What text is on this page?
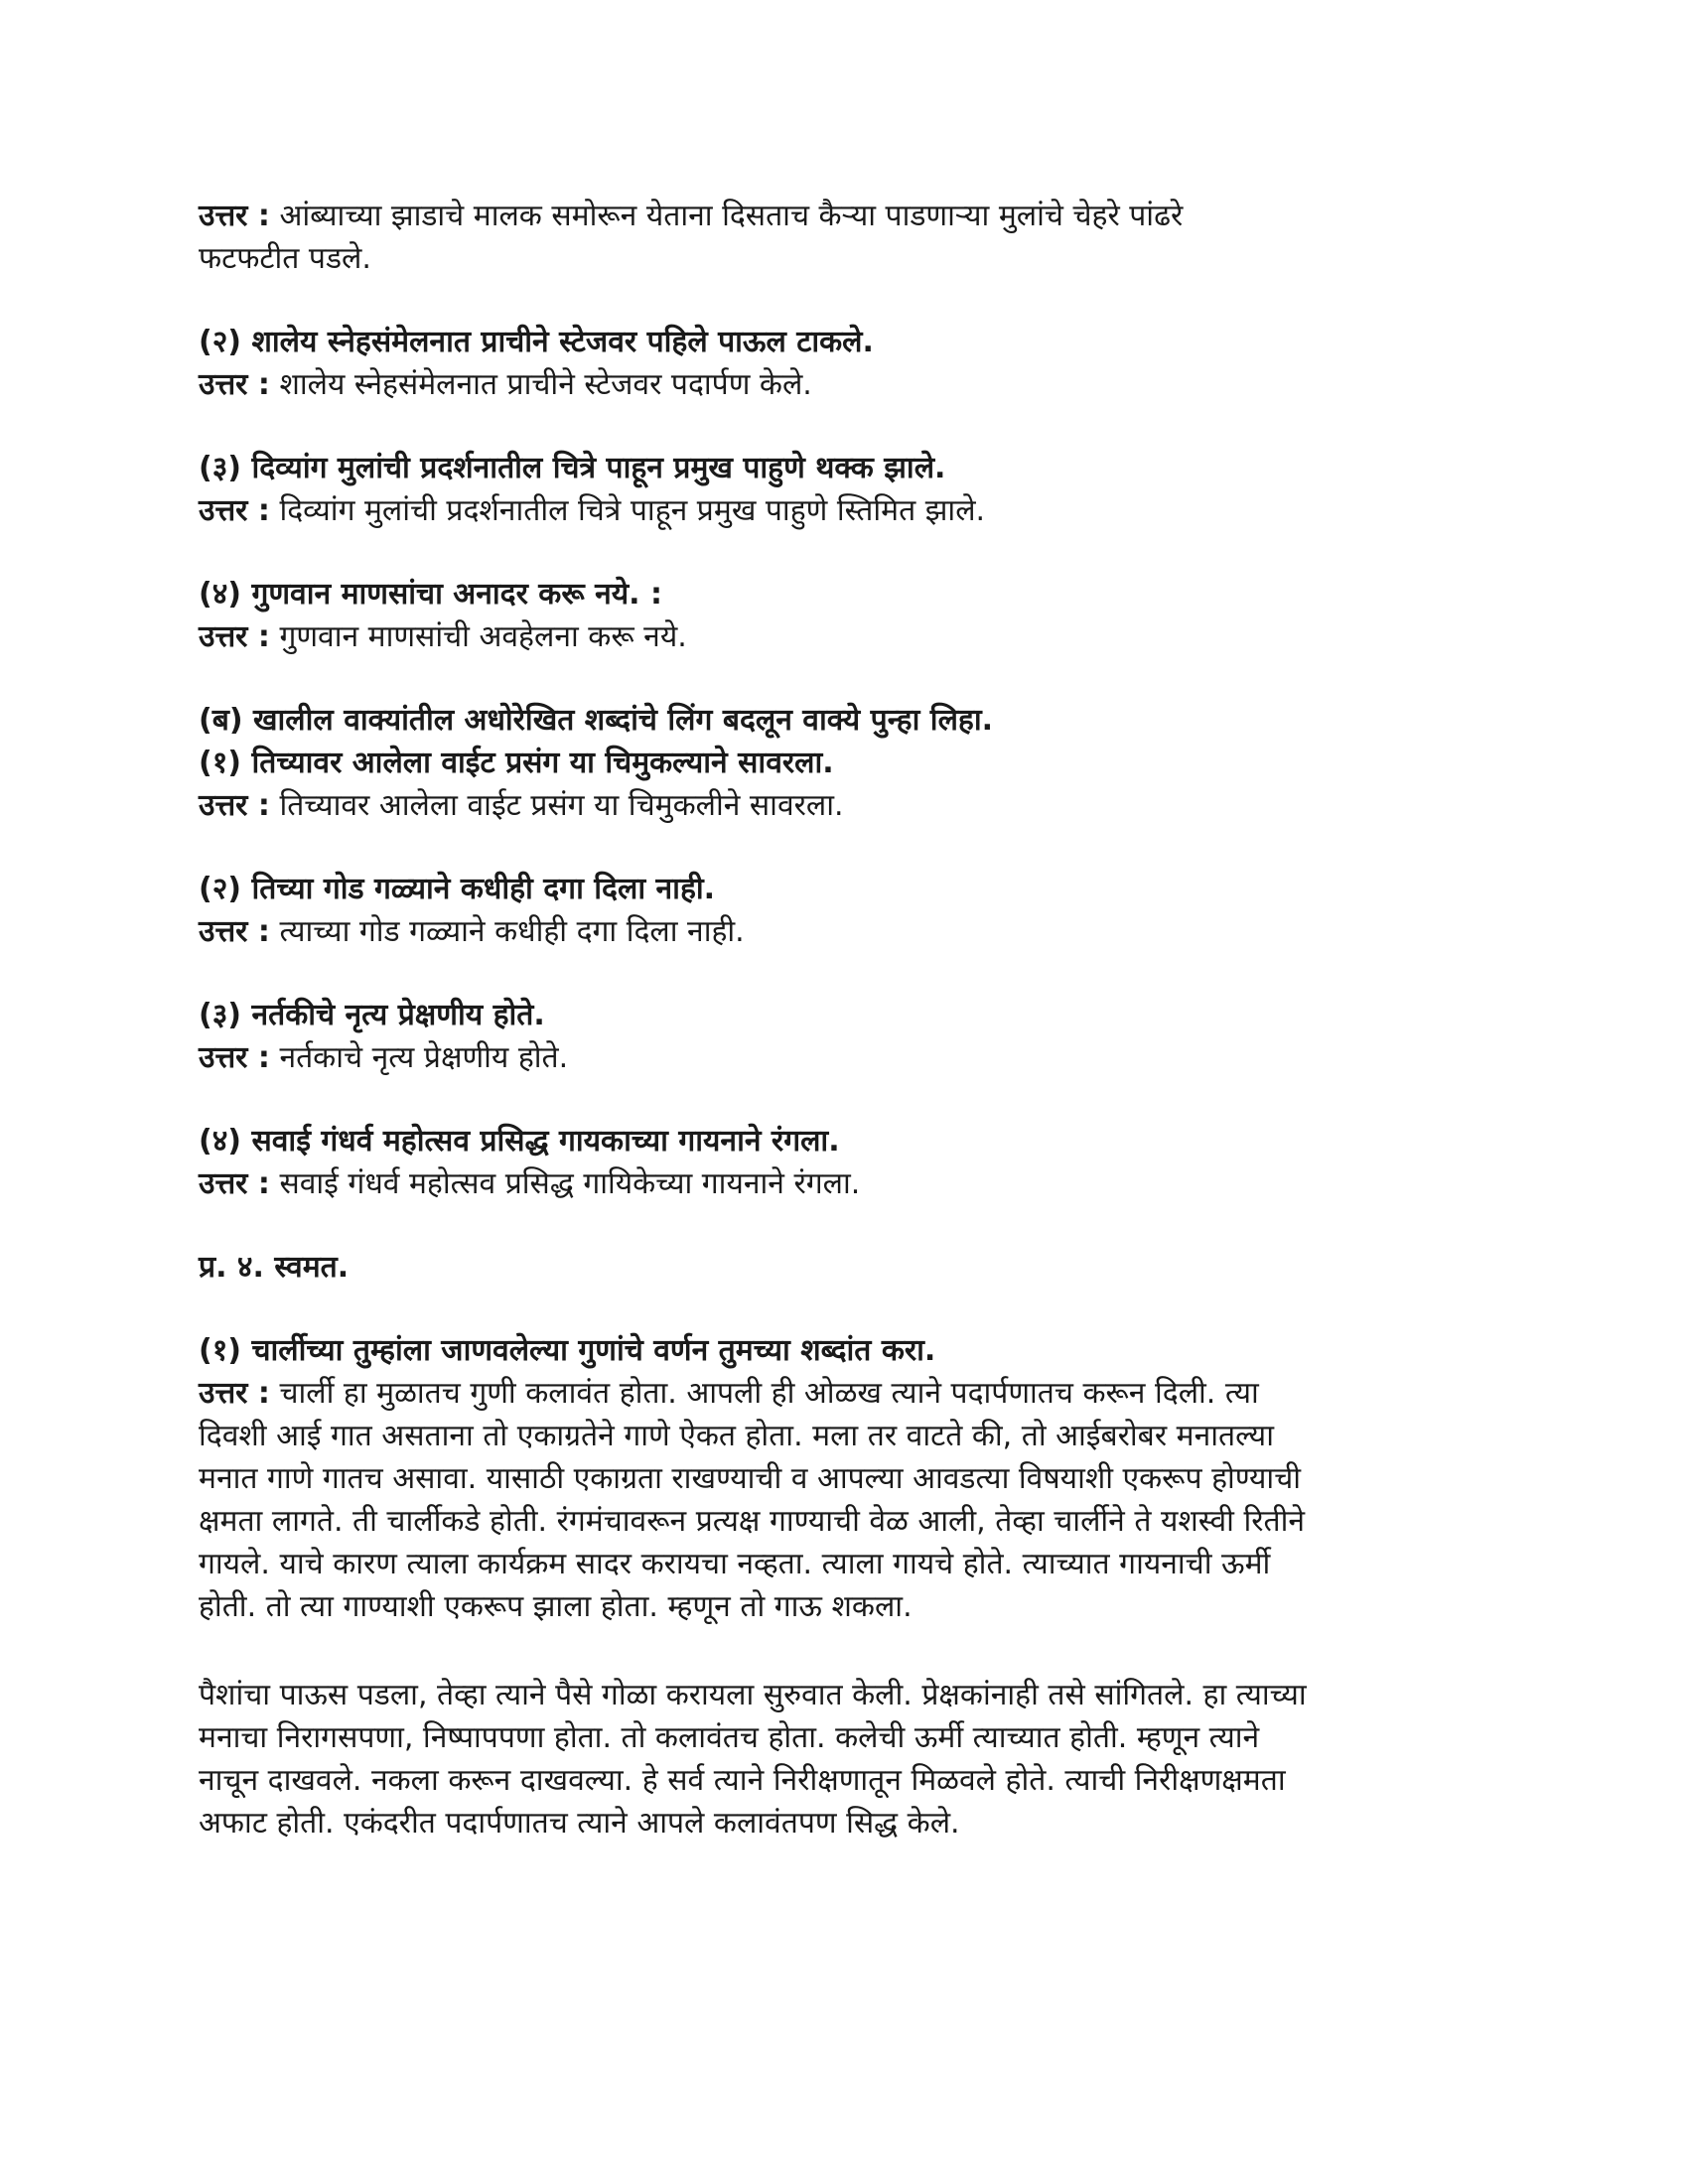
उत्तर : आंब्याच्या झाडाचे मालक समोरून येताना दिसताच कैऱ्या पाडणाऱ्या मुलांचे चेहरे पांढरे
फटफटीत पडले.
(२) शालेय स्नेहसंमेलनात प्राचीने स्टेजवर पहिले पाऊल टाकले.
उत्तर : शालेय स्नेहसंमेलनात प्राचीने स्टेजवर पदार्पण केले.
(३) दिव्यांग मुलांची प्रदर्शनातील चित्रे पाहून प्रमुख पाहुणे थक्क झाले.
उत्तर : दिव्यांग मुलांची प्रदर्शनातील चित्रे पाहून प्रमुख पाहुणे स्तिमित झाले.
(४) गुणवान माणसांचा अनादर करू नये. :
उत्तर : गुणवान माणसांची अवहेलना करू नये.
(ब) खालील वाक्यांतील अधोरेखित शब्दांचे लिंग बदलून वाक्ये पुन्हा लिहा.
(१) तिच्यावर आलेला वाईट प्रसंग या चिमुकल्याने सावरला.
उत्तर : तिच्यावर आलेला वाईट प्रसंग या चिमुकलीने सावरला.
(२) तिच्या गोड गळ्याने कधीही दगा दिला नाही.
उत्तर : त्याच्या गोड गळ्याने कधीही दगा दिला नाही.
(३) नर्तकीचे नृत्य प्रेक्षणीय होते.
उत्तर : नर्तकाचे नृत्य प्रेक्षणीय होते.
(४) सवाई गंधर्व महोत्सव प्रसिद्ध गायकाच्या गायनाने रंगला.
उत्तर : सवाई गंधर्व महोत्सव प्रसिद्ध गायिकेच्या गायनाने रंगला.
प्र. ४. स्वमत.
(१) चार्लीच्या तुम्हांला जाणवलेल्या गुणांचे वर्णन तुमच्या शब्दांत करा.
उत्तर : चार्ली हा मुळातच गुणी कलावंत होता. आपली ही ओळख त्याने पदार्पणातच करून दिली. त्या
दिवशी आई गात असताना तो एकाग्रतेने गाणे ऐकत होता. मला तर वाटते की, तो आईबरोबर मनातल्या
मनात गाणे गातच असावा. यासाठी एकाग्रता राखण्याची व आपल्या आवडत्या विषयाशी एकरूप होण्याची
क्षमता लागते. ती चार्लीकडे होती. रंगमंचावरून प्रत्यक्ष गाण्याची वेळ आली, तेव्हा चार्लीने ते यशस्वी रितीने
गायले. याचे कारण त्याला कार्यक्रम सादर करायचा नव्हता. त्याला गायचे होते. त्याच्यात गायनाची ऊर्मी
होती. तो त्या गाण्याशी एकरूप झाला होता. म्हणून तो गाऊ शकला.
पैशांचा पाऊस पडला, तेव्हा त्याने पैसे गोळा करायला सुरुवात केली. प्रेक्षकांनाही तसे सांगितले. हा त्याच्या
मनाचा निरागसपणा, निष्पापपणा होता. तो कलावंतच होता. कलेची ऊर्मी त्याच्यात होती. म्हणून त्याने
नाचून दाखवले. नकला करून दाखवल्या. हे सर्व त्याने निरीक्षणातून मिळवले होते. त्याची निरीक्षणक्षमता
अफाट होती. एकंदरीत पदार्पणातच त्याने आपले कलावंतपण सिद्ध केले.
